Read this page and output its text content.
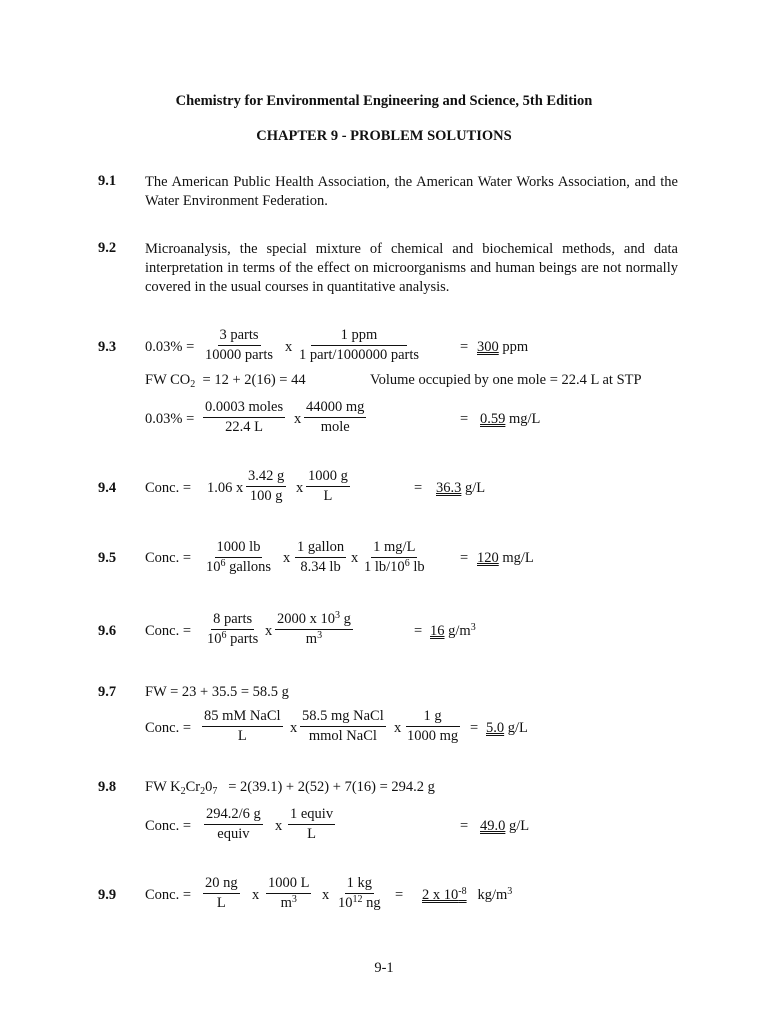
Chemistry for Environmental Engineering and Science, 5th Edition
CHAPTER 9 - PROBLEM SOLUTIONS
9.1 The American Public Health Association, the American Water Works Association, and the Water Environment Federation.
9.2 Microanalysis, the special mixture of chemical and biochemical methods, and data interpretation in terms of the effect on microorganisms and human beings are not normally covered in the usual courses in quantitative analysis.
9.3 0.03% =
3 parts
10000 parts x
1 ppm
1 part/1000000 parts	= 300 ppm
FW $CO_2 = 12 + 2(16) = 44$	Volume occupied by one mole = 22.4 L at STP
0.03% =
0.0003 moles
22.4 L x
44000 mg
mole	= 0.59 mg/L
9.4 Conc. = 1.06 x $\frac{3.42 g}{100 g}$ x $\frac{1000 g}{L}$	= 36.3 g/L
9.5 Conc. =
1000 lb
$10^6$ gallons
x
1 gallon
8.34 lb
x $\frac{1 mg/L}{1 lb/10^6 lb} = 120$ mg/L
9.6 Conc. =
8 parts
$10^6$ parts x $\frac{2000 x 10^3 g}{m^3}$	= 16 $g/m^3$
9.7 FW = 23 + 35.5 = 58.5 g
Conc. =
85 mM NaCl
L	x
58.5 mg NaCl
mmol NaCl x $\frac{1 g}{1000 mg} = 5.0$ g/L
9.8 FW $K_2Cr_20_7 = 2(39.1) + 2(52) + 7(16) = 294.2$ g
Conc. =
294.2/6 g
equiv x
1 equiv
L	= 49.0 g/L
9.9 Conc. = $\frac{20 ng}{L}$ x $\frac{1000 L}{m^3}$ x $\frac{1 kg}{10^{12} ng} = 2$ x $10^{-8}$ $kg/m^3$
9-1
